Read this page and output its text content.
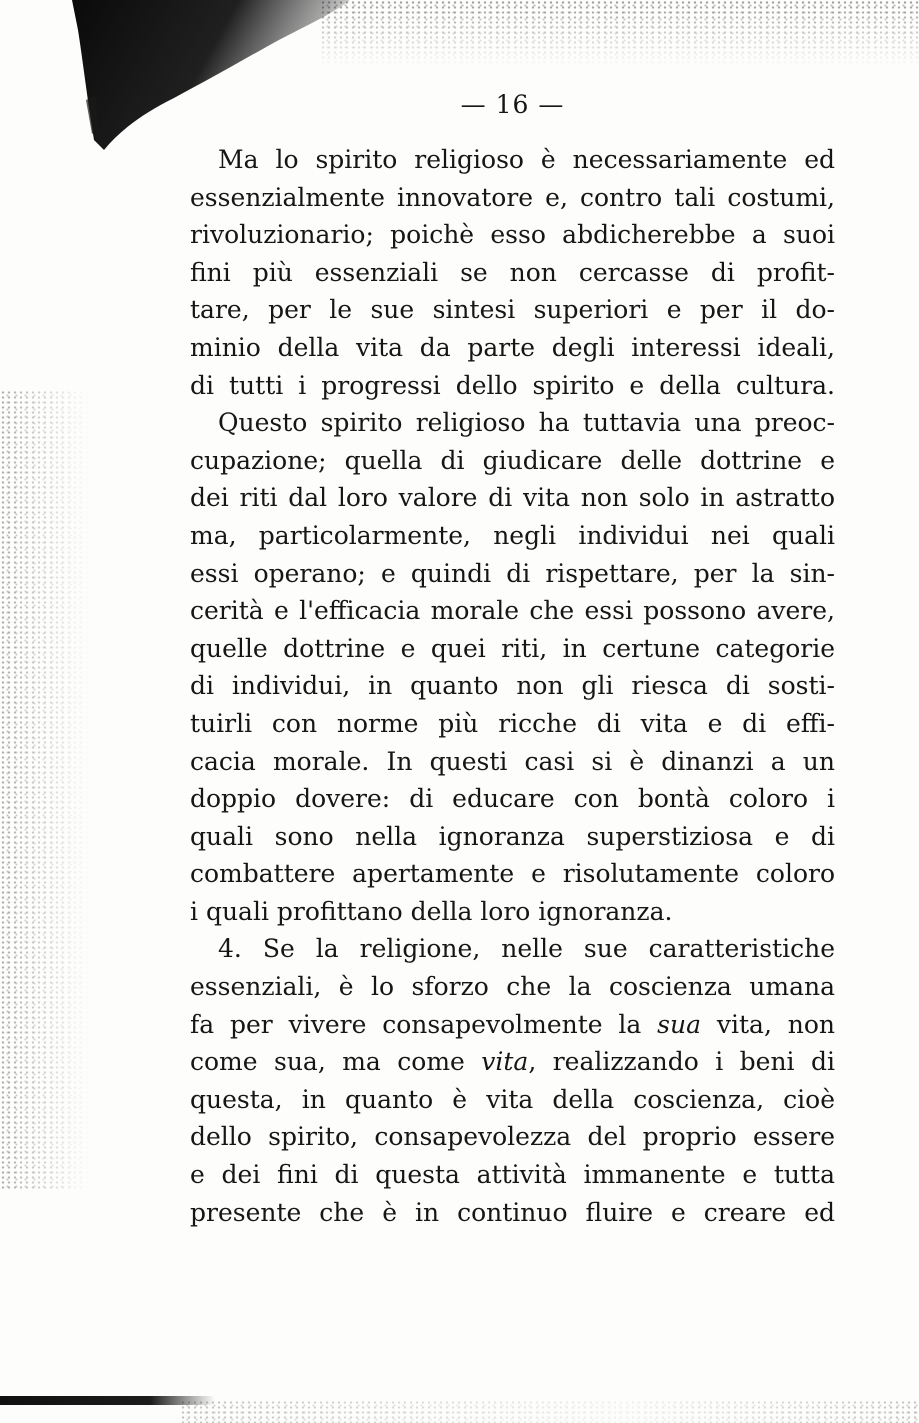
— 16 —
Ma lo spirito religioso è necessariamente ed
essenzialmente innovatore e, contro tali costumi,
rivoluzionario; poichè esso abdicherebbe a suoi
fini più essenziali se non cercasse di profit-
tare, per le sue sintesi superiori e per il do-
minio della vita da parte degli interessi ideali,
di tutti i progressi dello spirito e della cultura.
Questo spirito religioso ha tuttavia una preoc-
cupazione; quella di giudicare delle dottrine e
dei riti dal loro valore di vita non solo in astratto
ma, particolarmente, negli individui nei quali
essi operano; e quindi di rispettare, per la sin-
cerità e l'efficacia morale che essi possono avere,
quelle dottrine e quei riti, in certune categorie
di individui, in quanto non gli riesca di sosti-
tuirli con norme più ricche di vita e di effi-
cacia morale. In questi casi si è dinanzi a un
doppio dovere: di educare con bontà coloro i
quali sono nella ignoranza superstiziosa e di
combattere apertamente e risolutamente coloro
i quali profittano della loro ignoranza.
4. Se la religione, nelle sue caratteristiche
essenziali, è lo sforzo che la coscienza umana
fa per vivere consapevolmente la sua vita, non
come sua, ma come vita, realizzando i beni di
questa, in quanto è vita della coscienza, cioè
dello spirito, consapevolezza del proprio essere
e dei fini di questa attività immanente e tutta
presente che è in continuo fluire e creare ed
